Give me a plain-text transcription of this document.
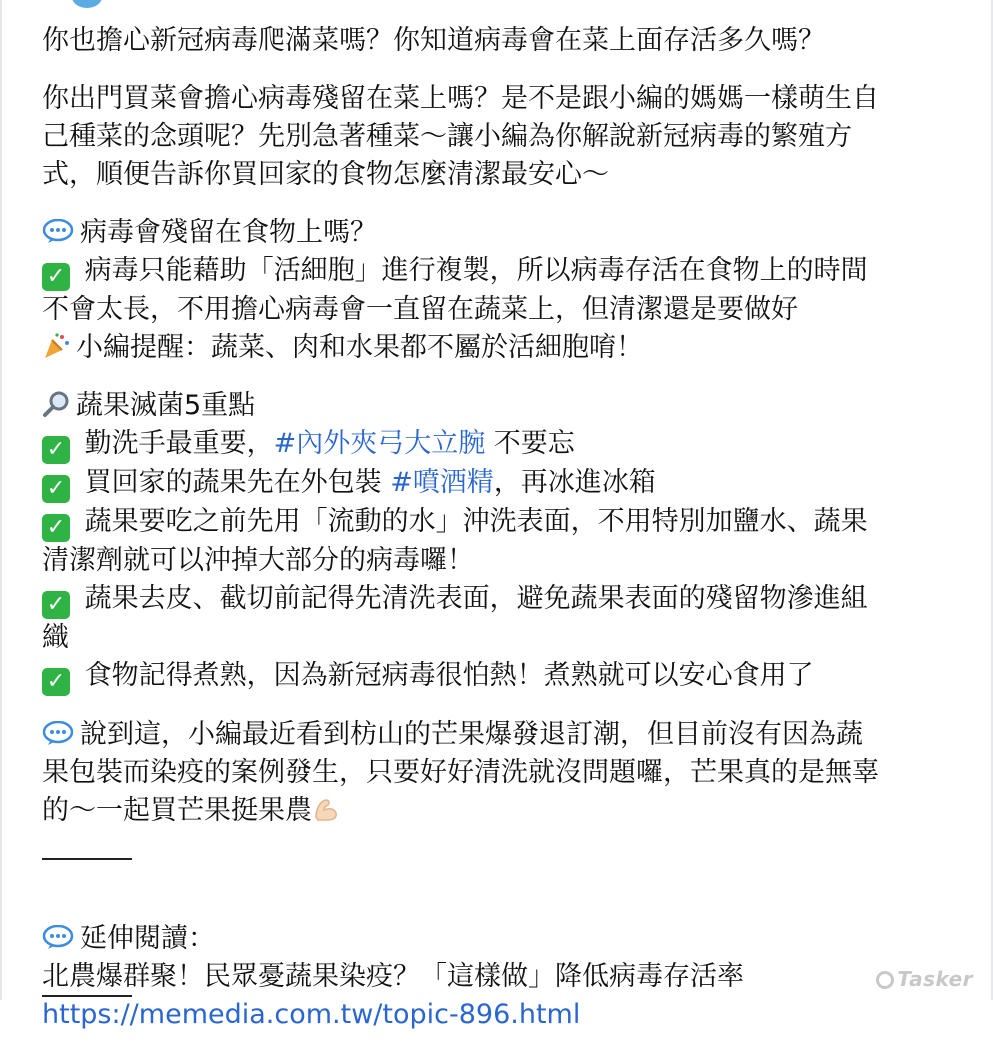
你也擔心新冠病毒爬滿菜嗎？你知道病毒會在菜上面存活多久嗎？
你出門買菜會擔心病毒殘留在菜上嗎？是不是跟小編的媽媽一樣萌生自
己種菜的念頭呢？先別急著種菜～讓小編為你解說新冠病毒的繁殖方
式，順便告訴你買回家的食物怎麼清潔最安心～
病毒會殘留在食物上嗎？
✓ 病毒只能藉助「活細胞」進行複製，所以病毒存活在食物上的時間
不會太長，不用擔心病毒會一直留在蔬菜上，但清潔還是要做好
小編提醒：蔬菜、肉和水果都不屬於活細胞唷！
蔬果滅菌5重點
✓ 勤洗手最重要，#內外夾弓大立腕 不要忘
✓ 買回家的蔬果先在外包裝 #噴酒精，再冰進冰箱
✓ 蔬果要吃之前先用「流動的水」沖洗表面，不用特別加鹽水、蔬果
清潔劑就可以沖掉大部分的病毒囉！
✓ 蔬果去皮、截切前記得先清洗表面，避免蔬果表面的殘留物滲進組
織
✓ 食物記得煮熟，因為新冠病毒很怕熱！煮熟就可以安心食用了
說到這，小編最近看到枋山的芒果爆發退訂潮，但目前沒有因為蔬
果包裝而染疫的案例發生，只要好好清洗就沒問題囉，芒果真的是無辜
的～一起買芒果挺果農
延伸閱讀：
北農爆群聚！民眾憂蔬果染疫？「這樣做」降低病毒存活率
https://memedia.com.tw/topic-896.html
Tasker
